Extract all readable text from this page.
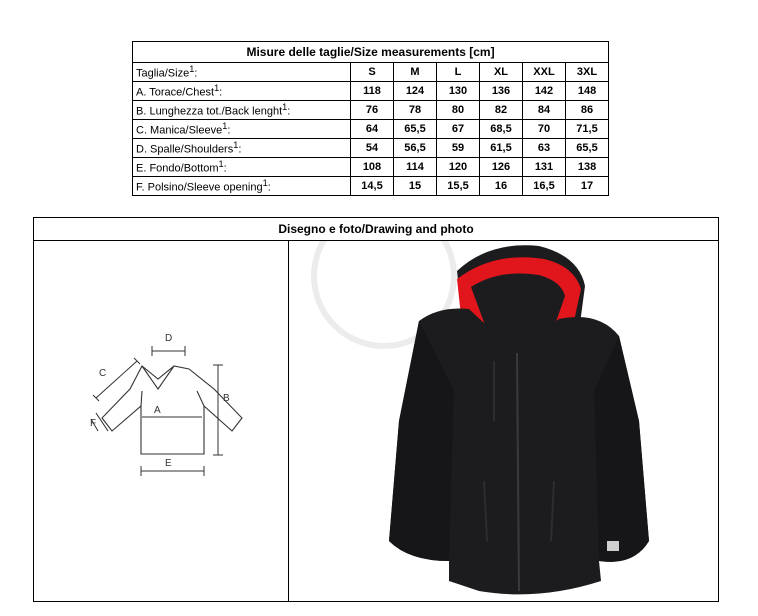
Misure delle taglie/Size measurements [cm]						
Taglia/Size$^1$:	S	M	L	XL	XXL	3XL
A. Torace/Chest$^1$:	118	124	130	136	142	148
B. Lunghezza tot./Back lenght$^1$:	76	78	80	82	84	86
C. Manica/Sleeve$^1$:	64	65,5	67	68,5	70	71,5
D. Spalle/Shoulders$^1$:	54	56,5	59	61,5	63	65,5
E. Fondo/Bottom$^1$:	108	114	120	126	131	138
F. Polsino/Sleeve opening$^1$:	14,5	15	15,5	16	16,5	17
Disegno e foto/Drawing and photo
D
C
B
A
E
F
